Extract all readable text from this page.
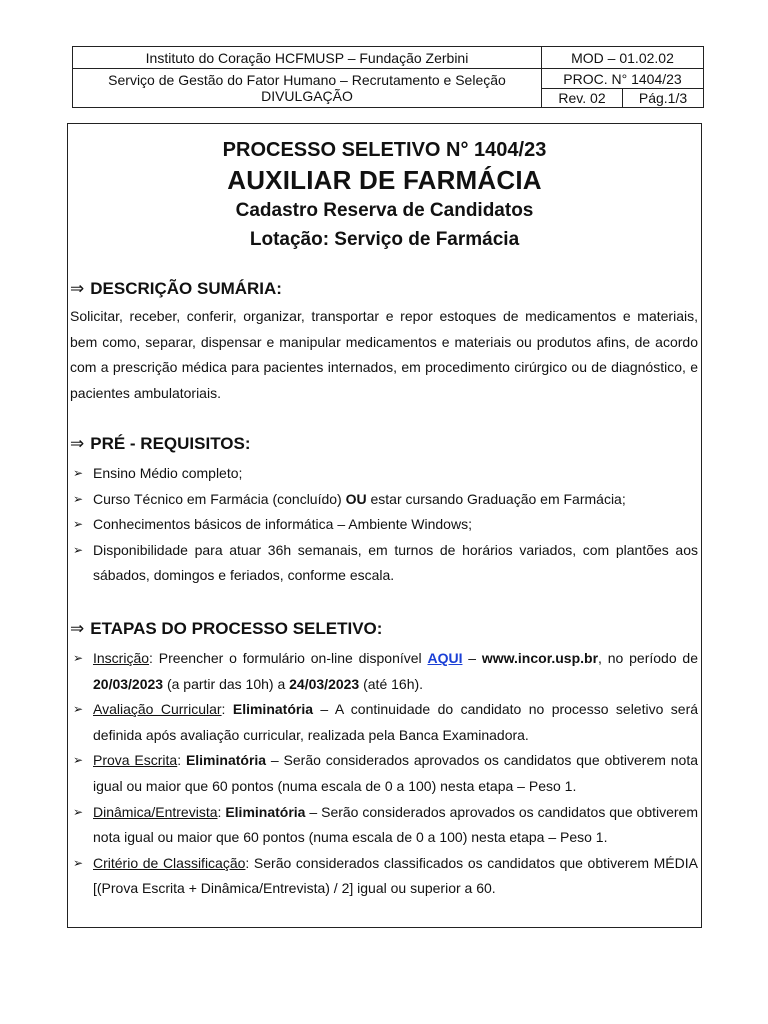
Instituto do Coração HCFMUSP – Fundação Zerbini	MOD – 01.02.02	

Serviço de Gestão do Fator Humano – Recrutamento e Seleção
DIVULGAÇÃO	PROC. N° 1404/23	
	Rev. 02	Pág.1/3
PROCESSO SELETIVO N° 1404/23
AUXILIAR DE FARMÁCIA
Cadastro Reserva de Candidatos
Lotação: Serviço de Farmácia
⇒ DESCRIÇÃO SUMÁRIA:
Solicitar, receber, conferir, organizar, transportar e repor estoques de medicamentos e materiais, bem como, separar, dispensar e manipular medicamentos e materiais ou produtos afins, de acordo com a prescrição médica para pacientes internados, em procedimento cirúrgico ou de diagnóstico, e pacientes ambulatoriais.
⇒ PRÉ - REQUISITOS:
➢ Ensino Médio completo;
➢ Curso Técnico em Farmácia (concluído) OU estar cursando Graduação em Farmácia;
➢ Conhecimentos básicos de informática – Ambiente Windows;
➢ Disponibilidade para atuar 36h semanais, em turnos de horários variados, com plantões aos sábados, domingos e feriados, conforme escala.
⇒ ETAPAS DO PROCESSO SELETIVO:
➢ Inscrição: Preencher o formulário on-line disponível AQUI – www.incor.usp.br, no período de 20/03/2023 (a partir das 10h) a 24/03/2023 (até 16h).
➢ Avaliação Curricular: Eliminatória – A continuidade do candidato no processo seletivo será definida após avaliação curricular, realizada pela Banca Examinadora.
➢ Prova Escrita: Eliminatória – Serão considerados aprovados os candidatos que obtiverem nota igual ou maior que 60 pontos (numa escala de 0 a 100) nesta etapa – Peso 1.
➢ Dinâmica/Entrevista: Eliminatória – Serão considerados aprovados os candidatos que obtiverem nota igual ou maior que 60 pontos (numa escala de 0 a 100) nesta etapa – Peso 1.
➢ Critério de Classificação: Serão considerados classificados os candidatos que obtiverem MÉDIA [(Prova Escrita + Dinâmica/Entrevista) / 2] igual ou superior a 60.
